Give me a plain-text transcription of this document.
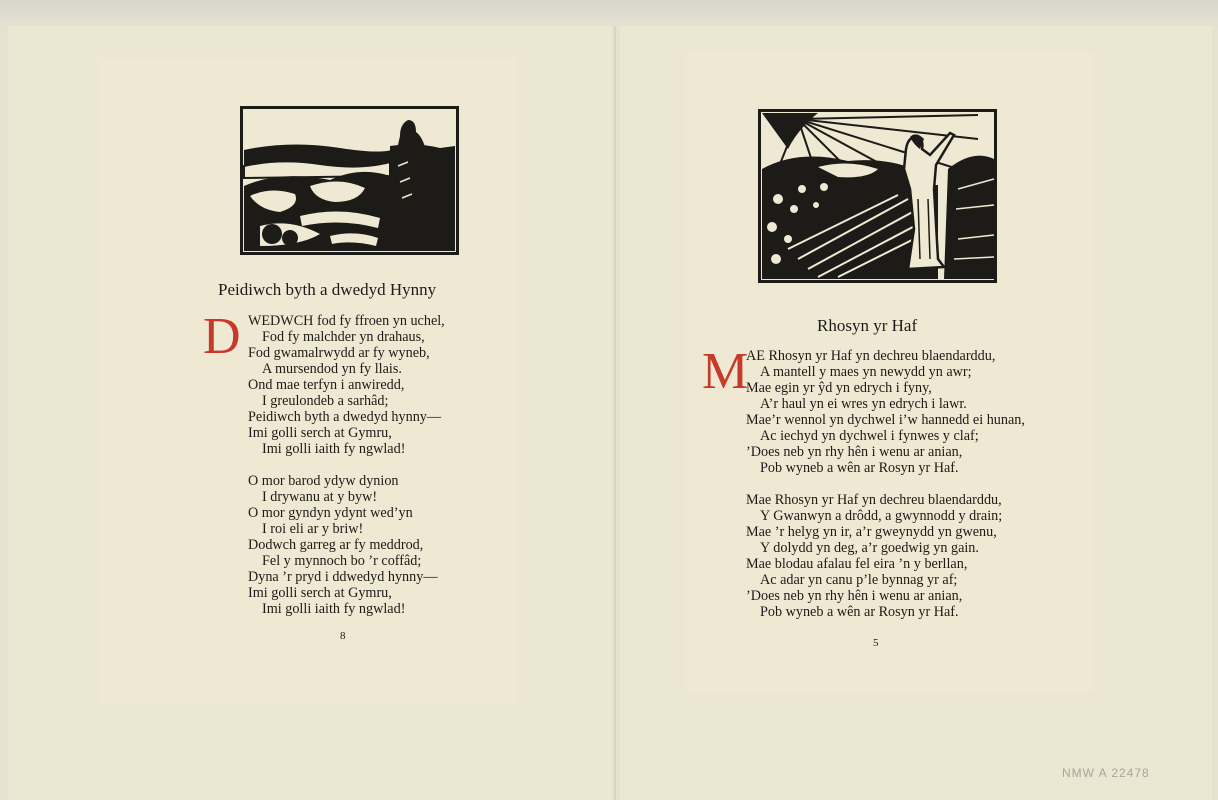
Peidiwch byth a dwedyd Hynny
D WEDWCH fod fy ffroen yn uchel,
Fod fy malchder yn drahaus,
Fod gwamalrwydd ar fy wyneb,
A mursendod yn fy llais.
Ond mae terfyn i anwiredd,
I greulondeb a sarhâd;
Peidiwch byth a dwedyd hynny—
Imi golli serch at Gymru,
Imi golli iaith fy ngwlad!
O mor barod ydyw dynion
I drywanu at y byw!
O mor gyndyn ydynt wed’yn
I roi eli ar y briw!
Dodwch garreg ar fy meddrod,
Fel y mynnoch bo ’r coffâd;
Dyna ’r pryd i ddwedyd hynny—
Imi golli serch at Gymru,
Imi golli iaith fy ngwlad!
8
Rhosyn yr Haf
M
AE Rhosyn yr Haf yn dechreu blaendarddu,
A mantell y maes yn newydd yn awr;
Mae egin yr ŷd yn edrych i fyny,
A’r haul yn ei wres yn edrych i lawr.
Mae’r wennol yn dychwel i’w hannedd ei hunan,
Ac iechyd yn dychwel i fynwes y claf;
’Does neb yn rhy hên i wenu ar anian,
Pob wyneb a wên ar Rosyn yr Haf.
Mae Rhosyn yr Haf yn dechreu blaendarddu,
Y Gwanwyn a drôdd, a gwynnodd y drain;
Mae ’r helyg yn ir, a’r gweynydd yn gwenu,
Y dolydd yn deg, a’r goedwig yn gain.
Mae blodau afalau fel eira ’n y berllan,
Ac adar yn canu p’le bynnag yr af;
’Does neb yn rhy hên i wenu ar anian,
Pob wyneb a wên ar Rosyn yr Haf.
5
NMW A 22478
